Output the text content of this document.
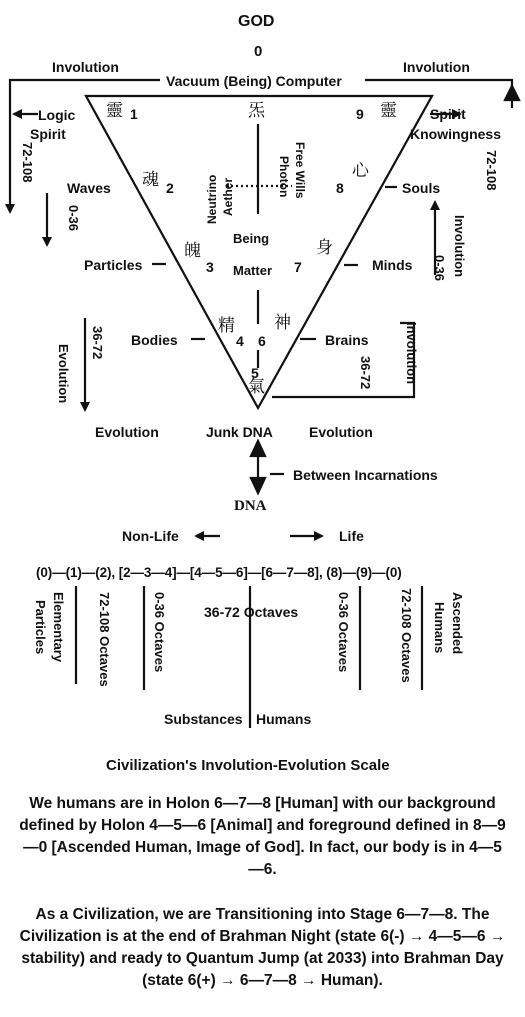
GOD
0
Involution	Involution
Vacuum (Being) Computer
Logic
Spirit
72-108
Waves
0-36
Particles
36-72
Evolution
Bodies
Spirit
Knowingness
72-108
Souls
Involution
0-36
Minds
Brains	Involution
36-72
靈 1	炁	9 靈
魂 2	8
心
Aether
Neutrino
Free Wills
Photon
Being
Matter
魄
3	7
身
精
4 6
神
5
氣
Evolution	Junk DNA	Evolution
Between Incarnations
DNA
Non-Life	Life
(0)—(1)—(2), [2—3—4]—[4—5—6]—[6—7—8], (8)—(9)—(0)
Elementary
Particles	72-108 Octaves	0-36 Octaves	36-72 Octaves	0-36 Octaves	72-108 Octaves	Ascended
Humans
Substances Humans
Civilization's Involution-Evolution Scale
We humans are in Holon 6—7—8 [Human] with our background defined by Holon 4—5—6 [Animal] and foreground defined in 8—9—0 [Ascended Human, Image of God]. In fact, our body is in 4—5—6.
As a Civilization, we are Transitioning into Stage 6—7—8. The Civilization is at the end of Brahman Night (state 6(-) → 4—5—6 → stability) and ready to Quantum Jump (at 2033) into Brahman Day (state 6(+) → 6—7—8 → Human).
